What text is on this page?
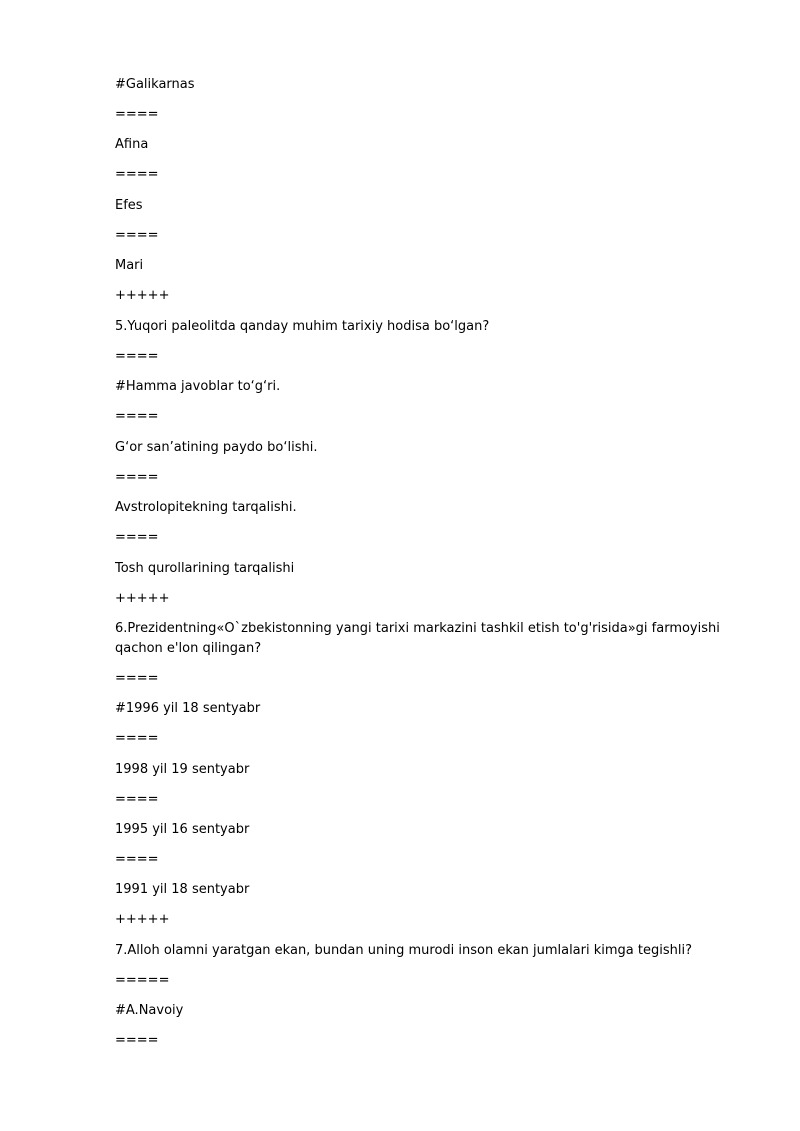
#Galikarnas
====
Afina
====
Efes
====
Mari
+++++
5.Yuqori paleolitda qanday muhim tarixiy hodisa bo‘lgan?
====
#Hamma javoblar to‘g‘ri.
====
G‘or san’atining paydo bo‘lishi.
====
Avstrolopitekning tarqalishi.
====
Tosh qurollarining tarqalishi
+++++
6.Prezidentning«O`zbekistonning yangi tarixi markazini tashkil etish to'g'risida»gi farmoyishi qachon e'lon qilingan?
====
#1996 yil 18 sentyabr
====
1998 yil 19 sentyabr
====
1995 yil 16 sentyabr
====
1991 yil 18 sentyabr
+++++
7.Alloh olamni yaratgan ekan, bundan uning murodi inson ekan jumlalari kimga tegishli?
=====
#A.Navoiy
====
